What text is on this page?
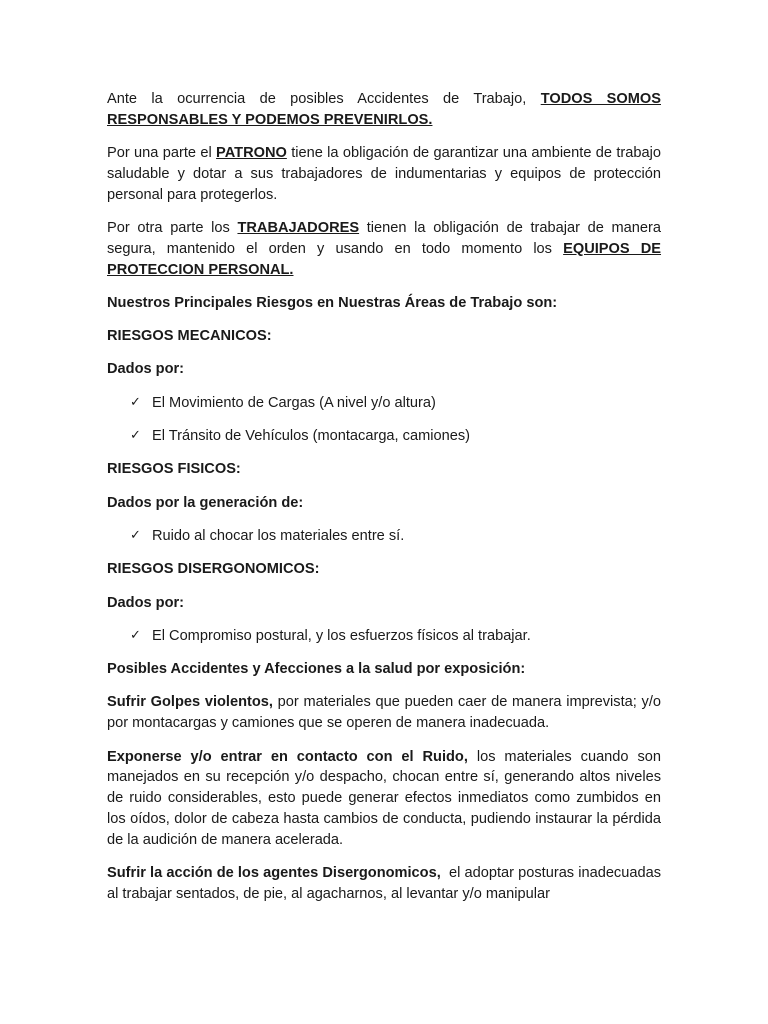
Ante la ocurrencia de posibles Accidentes de Trabajo, TODOS SOMOS RESPONSABLES Y PODEMOS PREVENIRLOS.

Por una parte el PATRONO tiene la obligación de garantizar una ambiente de trabajo saludable y dotar a sus trabajadores de indumentarias y equipos de protección personal para protegerlos.

Por otra parte los TRABAJADORES tienen la obligación de trabajar de manera segura, mantenido el orden y usando en todo momento los EQUIPOS DE PROTECCION PERSONAL.

Nuestros Principales Riesgos en Nuestras Áreas de Trabajo son:

RIESGOS MECANICOS:

Dados por:

✓ El Movimiento de Cargas (A nivel y/o altura)
✓ El Tránsito de Vehículos (montacarga, camiones)

RIESGOS FISICOS:

Dados por la generación de:

✓ Ruido al chocar los materiales entre sí.

RIESGOS DISERGONOMICOS:

Dados por:

✓ El Compromiso postural, y los esfuerzos físicos al trabajar.

Posibles Accidentes y Afecciones a la salud por exposición:

Sufrir Golpes violentos, por materiales que pueden caer de manera imprevista; y/o por montacargas y camiones que se operen de manera inadecuada.

Exponerse y/o entrar en contacto con el Ruido, los materiales cuando son manejados en su recepción y/o despacho, chocan entre sí, generando altos niveles de ruido considerables, esto puede generar efectos inmediatos como zumbidos en los oídos, dolor de cabeza hasta cambios de conducta, pudiendo instaurar la pérdida de la audición de manera acelerada.

Sufrir la acción de los agentes Disergonomicos,  el adoptar posturas inadecuadas al trabajar sentados, de pie, al agacharnos, al levantar y/o manipular
